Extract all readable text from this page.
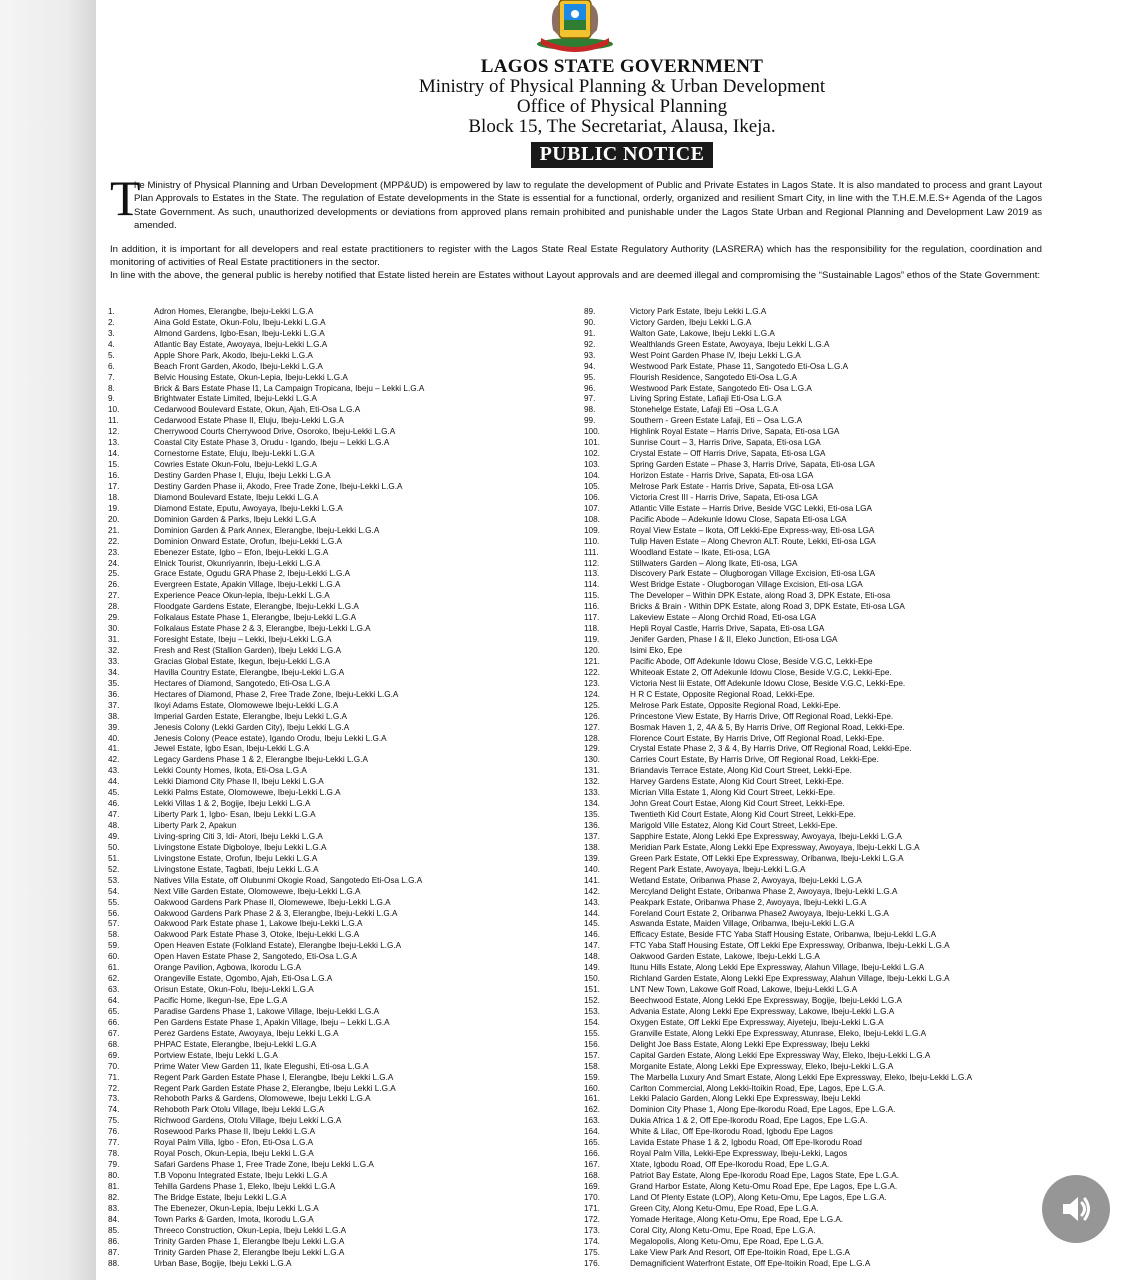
LAGOS STATE GOVERNMENT
Ministry of Physical Planning & Urban Development
Office of Physical Planning
Block 15, The Secretariat, Alausa, Ikeja.
PUBLIC NOTICE
T
he Ministry of Physical Planning and Urban Development (MPP&UD) is empowered by law to regulate the development of Public and Private Estates in Lagos State. It is also mandated to process and grant Layout Plan Approvals to Estates in the State. The regulation of Estate developments in the State is essential for a functional, orderly, organized and resilient Smart City, in line with the T.H.E.M.E.S+ Agenda of the Lagos State Government. As such, unauthorized developments or deviations from approved plans remain prohibited and punishable under the Lagos State Urban and Regional Planning and Development Law 2019 as amended.
In addition, it is important for all developers and real estate practitioners to register with the Lagos State Real Estate Regulatory Authority (LASRERA) which has the responsibility for the regulation, coordination and monitoring of activities of Real Estate practitioners in the sector.
In line with the above, the general public is hereby notified that Estate listed herein are Estates without Layout approvals and are deemed illegal and compromising the “Sustainable Lagos” ethos of the State Government:
1.	Adron Homes, Elerangbe, Ibeju-Lekki L.G.A
2.	Aina Gold Estate, Okun-Folu, Ibeju-Lekki L.G.A
3.	Almond Gardens, Igbo-Esan, Ibeju-Lekki L.G.A
4.	Atlantic Bay Estate, Awoyaya, Ibeju-Lekki L.G.A
5.	Apple Shore Park, Akodo, Ibeju-Lekki L.G.A
6.	Beach Front Garden, Akodo, Ibeju-Lekki L.G.A
7.	Belvic Housing Estate, Okun-Lepia, Ibeju-Lekki L.G.A
8.	Brick & Bars Estate Phase I1, La Campaign Tropicana, Ibeju – Lekki L.G.A
9.	Brightwater Estate Limited, Ibeju-Lekki L.G.A
10.	Cedarwood Boulevard Estate, Okun, Ajah, Eti-Osa L.G.A
11.	Cedarwood Estate Phase II, Eluju, Ibeju-Lekki L.G.A
12.	Cherrywood Courts Cherrywood Drive, Osoroko, Ibeju-Lekki L.G.A
13.	Coastal City Estate Phase 3, Orudu - Igando, Ibeju – Lekki L.G.A
14.	Cornestorne Estate, Eluju, Ibeju-Lekki L.G.A
15.	Cowries Estate Okun-Folu, Ibeju-Lekki L.G.A
16.	Destiny Garden Phase I, Eluju, Ibeju Lekki L.G.A
17.	Destiny Garden Phase ii, Akodo, Free Trade Zone, Ibeju-Lekki L.G.A
18.	Diamond Boulevard Estate, Ibeju Lekki L.G.A
19.	Diamond Estate, Eputu, Awoyaya, Ibeju-Lekki L.G.A
20.	Dominion Garden & Parks, Ibeju Lekki L.G.A
21.	Dominion Garden & Park Annex, Elerangbe, Ibeju-Lekki L.G.A
22.	Dominion Onward Estate, Orofun, Ibeju-Lekki L.G.A
23.	Ebenezer Estate, Igbo – Efon, Ibeju-Lekki L.G.A
24.	Elnick Tourist, Okunriyanrin, Ibeju-Lekki L.G.A
25.	Grace Estate, Ogudu GRA Phase 2, Ibeju-Lekki L.G.A
26.	Evergreen Estate, Apakin Village, Ibeju-Lekki L.G.A
27.	Experience Peace Okun-lepia, Ibeju-Lekki L.G.A
28.	Floodgate Gardens Estate, Elerangbe, Ibeju-Lekki L.G.A
29.	Folkalaus Estate Phase 1, Elerangbe, Ibeju-Lekki L.G.A
30.	Folkalaus Estate Phase 2 & 3, Elerangbe, Ibeju-Lekki L.G.A
31.	Foresight Estate, Ibeju – Lekki, Ibeju-Lekki L.G.A
32.	Fresh and Rest (Stallion Garden), Ibeju Lekki L.G.A
33.	Gracias Global Estate, Ikegun, Ibeju-Lekki L.G.A
34.	Havilla Country Estate, Elerangbe, Ibeju-Lekki L.G.A
35.	Hectares of Diamond, Sangotedo, Eti-Osa L.G.A
36.	Hectares of Diamond, Phase 2, Free Trade Zone, Ibeju-Lekki L.G.A
37.	Ikoyi Adams Estate, Olomowewe Ibeju-Lekki L.G.A
38.	Imperial Garden Estate, Elerangbe, Ibeju Lekki L.G.A
39.	Jenesis Colony (Lekki Garden City), Ibeju Lekki L.G.A
40.	Jenesis Colony (Peace estate), Igando Orodu, Ibeju Lekki L.G.A
41.	Jewel Estate, Igbo Esan, Ibeju-Lekki L.G.A
42.	Legacy Gardens Phase 1 & 2, Elerangbe Ibeju-Lekki L.G.A
43.	Lekki County Homes, Ikota, Eti-Osa L.G.A
44.	Lekki Diamond City Phase II, Ibeju Lekki L.G.A
45.	Lekki Palms Estate, Olomowewe, Ibeju-Lekki L.G.A
46.	Lekki Villas 1 & 2, Bogije, Ibeju Lekki L.G.A
47.	Liberty Park 1, Igbo- Esan, Ibeju Lekki L.G.A
48.	Liberty Park 2, Apakun
49.	Living-spring Citi 3, Idi- Atori, Ibeju Lekki L.G.A
50.	Livingstone Estate Digboloye, Ibeju Lekki L.G.A
51.	Livingstone Estate, Orofun, Ibeju Lekki L.G.A
52.	Livingstone Estate, Tagbati, Ibeju Lekki L.G.A
53.	Natives Villa Estate, off Olubunmi Okogie Road, Sangotedo Eti-Osa L.G.A
54.	Next Ville Garden Estate, Olomowewe, Ibeju-Lekki L.G.A
55.	Oakwood Gardens Park Phase II, Olomewewe, Ibeju-Lekki L.G.A
56.	Oakwood Gardens Park Phase 2 & 3, Elerangbe, Ibeju-Lekki L.G.A
57.	Oakwood Park Estate phase 1, Lakowe Ibeju-Lekki L.G.A
58.	Oakwood Park Estate Phase 3, Otoke, Ibeju-Lekki L.G.A
59.	Open Heaven Estate (Folkland Estate), Elerangbe Ibeju-Lekki L.G.A
60.	Open Haven Estate Phase 2, Sangotedo, Eti-Osa L.G.A
61.	Orange Pavilion, Agbowa, Ikorodu L.G.A
62.	Orangeville Estate, Ogombo, Ajah, Eti-Osa L.G.A
63.	Orisun Estate, Okun-Folu, Ibeju-Lekki L.G.A
64.	Pacific Home, Ikegun-Ise, Epe L.G.A
65.	Paradise Gardens Phase 1, Lakowe Village, Ibeju-Lekki L.G.A
66.	Pen Gardens Estate Phase 1, Apakin Village, Ibeju – Lekki L.G.A
67.	Perez Gardens Estate, Awoyaya, Ibeju Lekki L.G.A
68.	PHPAC Estate, Elerangbe, Ibeju-Lekki L.G.A
69.	Portview Estate, Ibeju Lekki L.G.A
70.	Prime Water View Garden 11, Ikate Elegushi, Eti-osa L.G.A
71.	Regent Park Garden Estate Phase I, Elerangbe, Ibeju Lekki L.G.A
72.	Regent Park Garden Estate Phase 2, Elerangbe, Ibeju Lekki L.G.A
73.	Rehoboth Parks & Gardens, Olomowewe, Ibeju Lekki L.G.A
74.	Rehoboth Park Otolu Village, Ibeju Lekki L.G.A
75.	Richwood Gardens, Otolu Village, Ibeju Lekki L.G.A
76.	Rosewood Parks Phase II, Ibeju Lekki L.G.A
77.	Royal Palm Villa, Igbo - Efon, Eti-Osa L.G.A
78.	Royal Posch, Okun-Lepia, Ibeju Lekki L.G.A
79.	Safari Gardens Phase 1, Free Trade Zone, Ibeju Lekki L.G.A
80.	T.B Voponu Integrated Estate, Ibeju Lekki L.G.A
81.	Tehilla Gardens Phase 1, Eleko, Ibeju Lekki L.G.A
82.	The Bridge Estate, Ibeju Lekki L.G.A
83.	The Ebenezer, Okun-Lepia, Ibeju Lekki L.G.A
84.	Town Parks & Garden, Imota, Ikorodu L.G.A
85.	Threeco Construction, Okun-Lepia, Ibeju Lekki L.G.A
86.	Trinity Garden Phase 1, Elerangbe Ibeju Lekki L.G.A
87.	Trinity Garden Phase 2, Elerangbe Ibeju Lekki L.G.A
88.	Urban Base, Bogije, Ibeju Lekki L.G.A
89.	Victory Park Estate, Ibeju Lekki L.G.A
90.	Victory Garden, Ibeju Lekki L.G.A
91.	Walton Gate, Lakowe, Ibeju Lekki L.G.A
92.	Wealthlands Green Estate, Awoyaya, Ibeju Lekki L.G.A
93.	West Point Garden Phase IV, Ibeju Lekki L.G.A
94.	Westwood Park Estate, Phase 11, Sangotedo Eti-Osa L.G.A
95.	Flourish Residence, Sangotedo Eti-Osa L.G.A
96.	Westwood Park Estate, Sangotedo Eti- Osa L.G.A
97.	Living Spring Estate, Lafiaji Eti-Osa L.G.A
98.	Stonehelge Estate, Lafaji Eti –Osa L.G.A
99.	Southern - Green Estate Lafaji, Eti – Osa L.G.A
100.	Highlink Royal Estate – Harris Drive, Sapata, Eti-osa LGA
101.	Sunrise Court – 3, Harris Drive, Sapata, Eti-osa LGA
102.	Crystal Estate – Off Harris Drive, Sapata, Eti-osa LGA
103.	Spring Garden Estate – Phase 3, Harris Drive, Sapata, Eti-osa LGA
104.	Horizon Estate - Harris Drive, Sapata, Eti-osa LGA
105.	Melrose Park Estate - Harris Drive, Sapata, Eti-osa LGA
106.	Victoria Crest III - Harris Drive, Sapata, Eti-osa LGA
107.	Atlantic Ville Estate – Harris Drive, Beside VGC Lekki, Eti-osa LGA
108.	Pacific Abode – Adekunle Idowu Close, Sapata Eti-osa LGA
109.	Royal View Estate – Ikota, Off Lekki-Epe Express-way, Eti-osa LGA
110.	Tulip Haven Estate – Along Chevron ALT. Route, Lekki, Eti-osa LGA
111.	Woodland Estate – Ikate, Eti-osa, LGA
112.	Stillwaters Garden – Along Ikate, Eti-osa, LGA
113.	Discovery Park Estate – Olugborogan Village Excision, Eti-osa LGA
114.	West Bridge Estate - Olugborogan Village Excision, Eti-osa LGA
115.	The Developer – Within DPK Estate, along Road 3, DPK Estate, Eti-osa
116.	Bricks & Brain - Within DPK Estate, along Road 3, DPK Estate, Eti-osa LGA
117.	Lakeview Estate – Along Orchid Road, Eti-osa LGA
118.	Hepli Royal Castle, Harris Drive, Sapata, Eti-osa LGA
119.	Jenifer Garden, Phase I & II, Eleko Junction, Eti-osa LGA
120.	Isimi Eko, Epe
121.	Pacific Abode, Off Adekunle Idowu Close, Beside V.G.C, Lekki-Epe
122.	Whiteoak Estate 2, Off Adekunle Idowu Close, Beside V.G.C, Lekki-Epe.
123.	Victoria Nest Iii Estate, Off Adekunle Idowu Close, Beside V.G.C, Lekki-Epe.
124.	H R C Estate, Opposite Regional Road, Lekki-Epe.
125.	Melrose Park Estate, Opposite Regional Road, Lekki-Epe.
126.	Princestone View Estate, By Harris Drive, Off Regional Road, Lekki-Epe.
127.	Bosmak Haven 1, 2, 4A & 5, By Harris Drive, Off Regional Road, Lekki-Epe.
128.	Florence Court Estate, By Harris Drive, Off Regional Road, Lekki-Epe.
129.	Crystal Estate Phase 2, 3 & 4, By Harris Drive, Off Regional Road, Lekki-Epe.
130.	Carries Court Estate, By Harris Drive, Off Regional Road, Lekki-Epe.
131.	Briandavis Terrace Estate, Along Kid Court Street, Lekki-Epe.
132.	Harvey Gardens Estate, Along Kid Court Street, Lekki-Epe.
133.	Micrian Villa Estate 1, Along Kid Court Street, Lekki-Epe.
134.	John Great Court Estae, Along Kid Court Street, Lekki-Epe.
135.	Twentieth Kid Court Estate, Along Kid Court Street, Lekki-Epe.
136.	Marigold Ville Estatez, Along Kid Court Street, Lekki-Epe.
137.	Sapphire Estate, Along Lekki Epe Expressway, Awoyaya, Ibeju-Lekki L.G.A
138.	Meridian Park Estate, Along Lekki Epe Expressway, Awoyaya, Ibeju-Lekki L.G.A
139.	Green Park Estate, Off Lekki Epe Expressway, Oribanwa, Ibeju-Lekki L.G.A
140.	Regent Park Estate, Awoyaya, Ibeju-Lekki L.G.A
141.	Wetland Estate, Oribanwa Phase 2, Awoyaya, Ibeju-Lekki L.G.A
142.	Mercyland Delight Estate, Oribanwa Phase 2, Awoyaya, Ibeju-Lekki L.G.A
143.	Peakpark Estate, Oribanwa Phase 2, Awoyaya, Ibeju-Lekki L.G.A
144.	Foreland Court Estate 2, Oribanwa Phase2 Awoyaya, Ibeju-Lekki L.G.A
145.	Aswanda Estate, Maiden Village, Oribanwa, Ibeju-Lekki L.G.A
146.	Efficacy Estate, Beside FTC Yaba Staff Housing Estate, Oribanwa, Ibeju-Lekki L.G.A
147.	FTC Yaba Staff Housing Estate, Off Lekki Epe Expressway, Oribanwa, Ibeju-Lekki L.G.A
148.	Oakwood Garden Estate, Lakowe, Ibeju-Lekki L.G.A
149.	Itunu Hills Estate, Along Lekki Epe Expressway, Alahun Village, Ibeju-Lekki L.G.A
150.	Richland Garden Estate, Along Lekki Epe Expressway, Alahun Village, Ibeju-Lekki L.G.A
151.	LNT New Town, Lakowe Golf Road, Lakowe, Ibeju-Lekki L.G.A
152.	Beechwood Estate, Along Lekki Epe Expressway, Bogije, Ibeju-Lekki L.G.A
153.	Advania Estate, Along Lekki Epe Expressway, Lakowe, Ibeju-Lekki L.G.A
154.	Oxygen Estate, Off Lekki Epe Expressway, Aiyeteju, Ibeju-Lekki L.G.A
155.	Granville Estate, Along Lekki Epe Expressway, Atunrase, Eleko, Ibeju-Lekki L.G.A
156.	Delight Joe Bass Estate, Along Lekki Epe Expressway, Ibeju Lekki
157.	Capital Garden Estate, Along Lekki Epe Expressway Way, Eleko, Ibeju-Lekki L.G.A
158.	Morganite Estate, Along Lekki Epe Expressway, Eleko, Ibeju-Lekki L.G.A
159.	The Marbella Luxury And Smart Estate, Along Lekki Epe Expressway, Eleko, Ibeju-Lekki L.G.A
160.	Carlton Commercial, Along Lekki-Itoikin Road, Epe, Lagos, Epe L.G.A.
161.	Lekki Palacio Garden, Along Lekki Epe Expressway, Ibeju Lekki
162.	Dominion City Phase 1, Along Epe-Ikorodu Road, Epe Lagos, Epe L.G.A.
163.	Dukia Africa 1 & 2, Off Epe-Ikorodu Road, Epe Lagos, Epe L.G.A.
164.	White & Lilac, Off Epe-Ikorodu Road, Igbodu Epe Lagos
165.	Lavida Estate Phase 1 & 2, Igbodu Road, Off Epe-Ikorodu Road
166.	Royal Palm Villa, Lekki-Epe Expressway, Ibeju-Lekki, Lagos
167.	Xtate, Igbodu Road, Off Epe-Ikorodu Road, Epe L.G.A.
168.	Patriot Bay Estate, Along Epe-Ikorodu Road Epe, Lagos State, Epe L.G.A.
169.	Grand Harbor Estate, Along Ketu-Omu Road Epe, Epe Lagos, Epe L.G.A.
170.	Land Of Plenty Estate (LOP), Along Ketu-Omu, Epe Lagos, Epe L.G.A.
171.	Green City, Along Ketu-Omu, Epe Road, Epe L.G.A.
172.	Yomade Heritage, Along Ketu-Omu, Epe Road, Epe L.G.A.
173.	Coral City, Along Ketu-Omu, Epe Road, Epe L.G.A.
174.	Megalopolis, Along Ketu-Omu, Epe Road, Epe L.G.A.
175.	Lake View Park And Resort, Off Epe-Itoikin Road, Epe L.G.A
176.	Demagnificient Waterfront Estate, Off Epe-Itoikin Road, Epe L.G.A
